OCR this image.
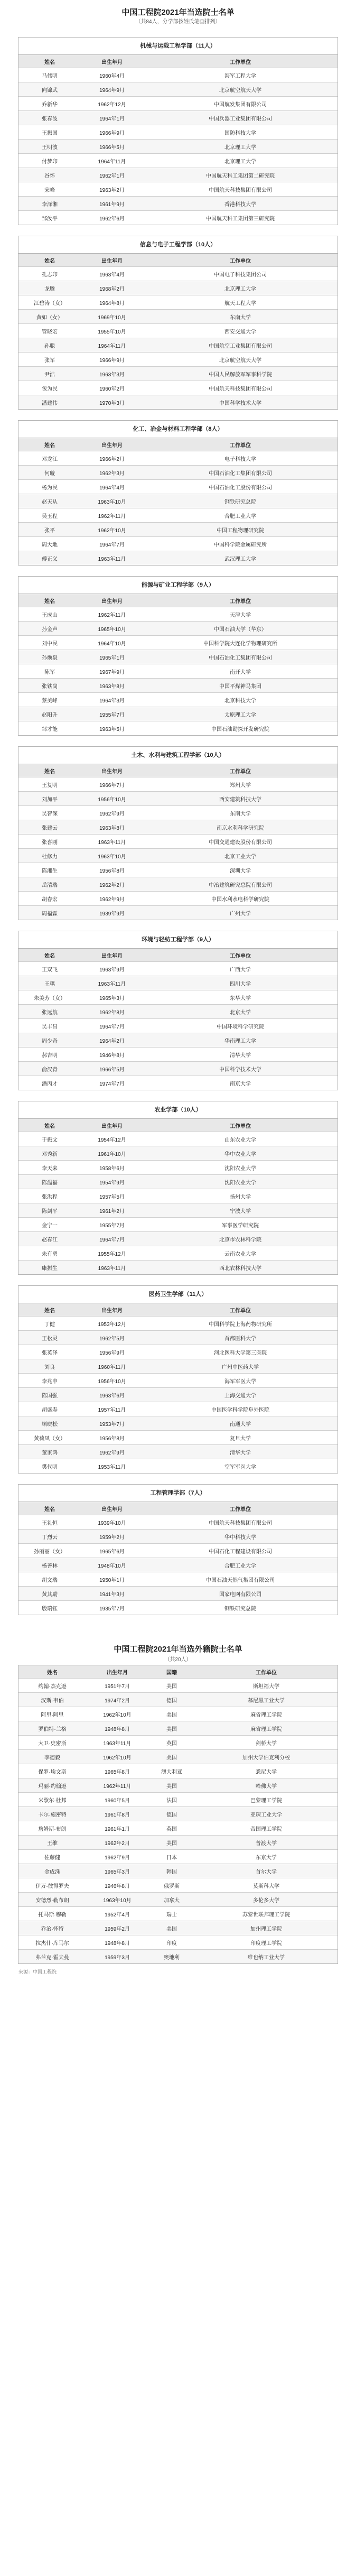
中国工程院2021年当选院士名单
（共84人，分学部按姓氏笔画排列）
机械与运载工程学部（11人）
姓名	出生年月	工作单位
马伟明	1960年4月	海军工程大学
向锦武	1964年9月	北京航空航天大学
乔新华	1962年12月	中国航发集团有限公司
张春波	1964年1月	中国兵器工业集团有限公司
王振国	1966年9月	国防科技大学
王明波	1966年5月	北京理工大学
付梦印	1964年11月	北京理工大学
谷怀	1962年1月	中国航天科工集团第二研究院
宋峰	1963年2月	中国航天科技集团有限公司
李泽湘	1961年9月	香港科技大学
邹汝平	1962年6月	中国航天科工集团第三研究院
信息与电子工程学部（10人）
姓名	出生年月	工作单位
孔志印	1963年4月	中国电子科技集团公司
龙腾	1968年2月	北京理工大学
江碧涛（女）	1964年8月	航天工程大学
黄如（女）	1969年10月	东南大学
管晓宏	1955年10月	西安交通大学
孙聪	1964年11月	中国航空工业集团有限公司
张军	1966年9月	北京航空航天大学
尹浩	1963年3月	中国人民解放军军事科学院
包为民	1960年2月	中国航天科技集团有限公司
潘建伟	1970年3月	中国科学技术大学
化工、冶金与材料工程学部（8人）
姓名	出生年月	工作单位
邓龙江	1966年2月	电子科技大学
何璇	1962年3月	中国石油化工集团有限公司
杨为民	1964年4月	中国石油化工股份有限公司
赵天从	1963年10月	钢铁研究总院
吴玉程	1962年11月	合肥工业大学
张平	1962年10月	中国工程物理研究院
周大地	1964年7月	中国科学院金属研究所
傅正义	1963年11月	武汉理工大学
能源与矿业工程学部（9人）
姓名	出生年月	工作单位
王成山	1962年11月	天津大学
孙金声	1965年10月	中国石油大学（华东）
刘中民	1964年10月	中国科学院大连化学物理研究所
孙焕泉	1965年1月	中国石油化工集团有限公司
陈军	1967年9月	南开大学
张铁岗	1963年8月	中国平煤神马集团
蔡美峰	1964年3月	北京科技大学
赵阳升	1955年7月	太原理工大学
邹才能	1963年5月	中国石油勘探开发研究院
土木、水利与建筑工程学部（10人）
姓名	出生年月	工作单位
王复明	1966年7月	郑州大学
刘加平	1956年10月	西安建筑科技大学
吴智深	1962年9月	东南大学
张建云	1963年8月	南京水利科学研究院
张喜刚	1963年11月	中国交通建设股份有限公司
杜修力	1963年10月	北京工业大学
陈湘生	1956年8月	深圳大学
岳清瑞	1962年2月	中冶建筑研究总院有限公司
胡春宏	1962年9月	中国水利水电科学研究院
周福霖	1939年9月	广州大学
环境与轻纺工程学部（9人）
姓名	出生年月	工作单位
王双飞	1963年9月	广西大学
王琪	1963年11月	四川大学
朱美芳（女）	1965年3月	东华大学
张远航	1962年8月	北京大学
吴丰昌	1964年7月	中国环境科学研究院
周少奇	1964年2月	华南理工大学
郝吉明	1946年8月	清华大学
俞汉青	1966年5月	中国科学技术大学
潘丙才	1974年7月	南京大学
农业学部（10人）
姓名	出生年月	工作单位
于振文	1954年12月	山东农业大学
邓秀新	1961年10月	华中农业大学
李天来	1958年6月	沈阳农业大学
陈温福	1954年9月	沈阳农业大学
张洪程	1957年5月	扬州大学
陈剑平	1961年2月	宁波大学
金宁一	1955年7月	军事医学研究院
赵春江	1964年7月	北京市农林科学院
朱有勇	1955年12月	云南农业大学
康振生	1963年11月	西北农林科技大学
医药卫生学部（11人）
姓名	出生年月	工作单位
丁健	1953年12月	中国科学院上海药物研究所
王松灵	1962年5月	首都医科大学
张英泽	1956年9月	河北医科大学第三医院
刘良	1960年11月	广州中医药大学
李兆申	1956年10月	海军军医大学
陈国强	1963年6月	上海交通大学
胡盛寿	1957年11月	中国医学科学院阜外医院
顾晓松	1953年7月	南通大学
黄荷凤（女）	1956年8月	复旦大学
董家鸿	1962年9月	清华大学
樊代明	1953年11月	空军军医大学
工程管理学部（7人）
姓名	出生年月	工作单位
王礼恒	1939年10月	中国航天科技集团有限公司
丁烈云	1959年2月	华中科技大学
孙丽丽（女）	1965年6月	中国石化工程建设有限公司
杨善林	1948年10月	合肥工业大学
胡文瑞	1950年1月	中国石油天然气集团有限公司
黄其励	1941年3月	国家电网有限公司
殷瑞钰	1935年7月	钢铁研究总院
中国工程院2021年当选外籍院士名单
（共20人）
姓名	出生年月	国籍	工作单位
约翰·杰克逊	1951年7月	美国	斯坦福大学
汉斯·韦伯	1974年2月	德国	慕尼黑工业大学
阿里·阿里	1962年10月	美国	麻省理工学院
罗伯特·兰格	1948年8月	美国	麻省理工学院
大卫·史密斯	1963年11月	英国	剑桥大学
李德毅	1962年10月	美国	加州大学伯克利分校
保罗·埃文斯	1965年8月	澳大利亚	悉尼大学
玛丽·约翰逊	1962年11月	美国	哈佛大学
米歇尔·杜邦	1960年5月	法国	巴黎理工学院
卡尔·施密特	1961年8月	德国	亚琛工业大学
詹姆斯·布朗	1961年1月	英国	帝国理工学院
王维	1962年2月	美国	普渡大学
佐藤健	1962年9月	日本	东京大学
金成洙	1965年3月	韩国	首尔大学
伊万·彼得罗夫	1946年8月	俄罗斯	莫斯科大学
安德烈·勒布朗	1963年10月	加拿大	多伦多大学
托马斯·穆勒	1952年4月	瑞士	苏黎世联邦理工学院
乔治·怀特	1959年2月	美国	加州理工学院
拉杰什·库马尔	1948年8月	印度	印度理工学院
弗兰克·霍夫曼	1959年3月	奥地利	维也纳工业大学
来源：中国工程院
